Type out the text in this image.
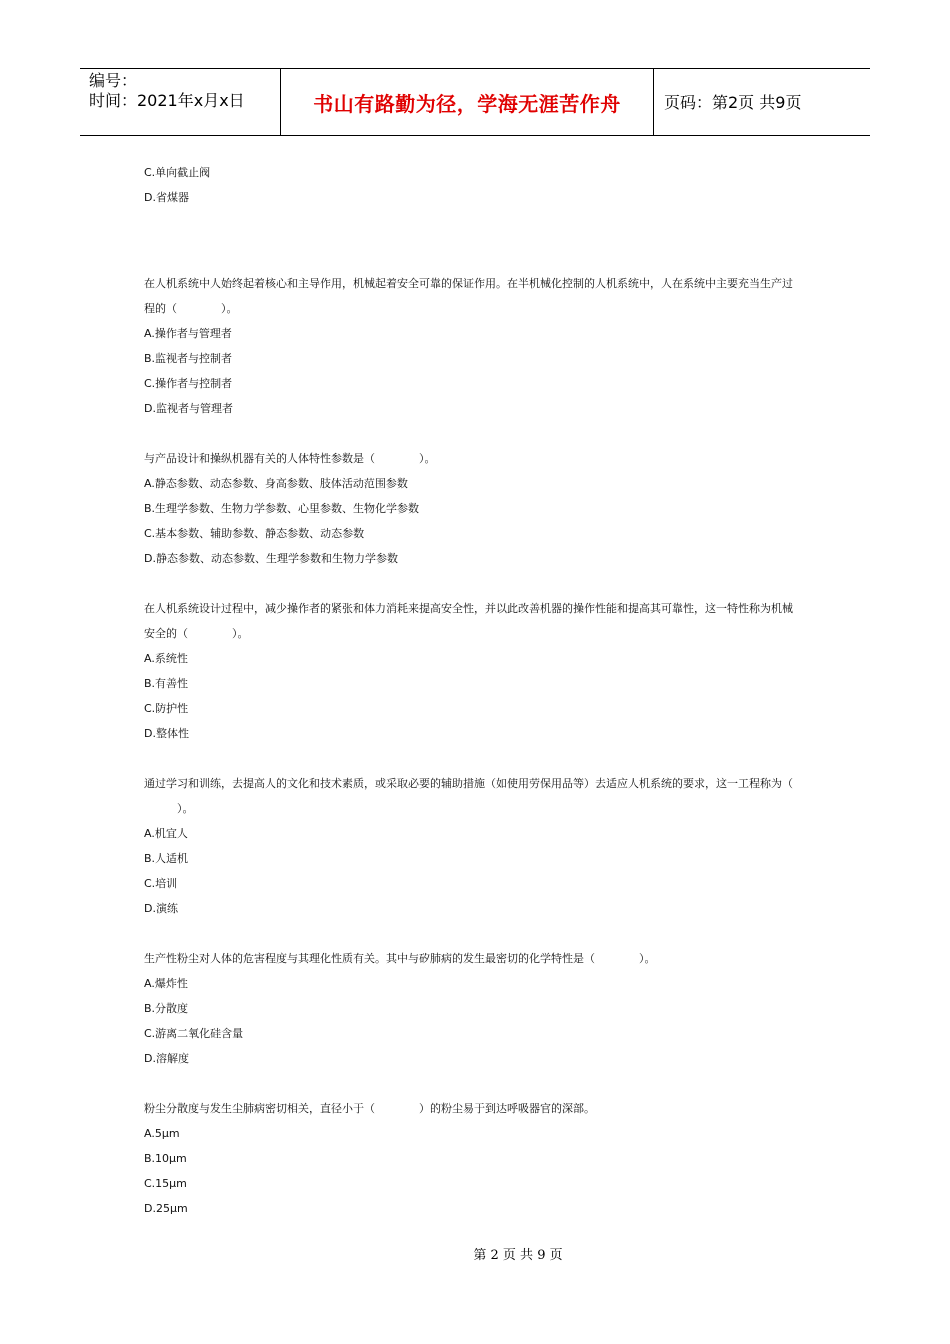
编号：
时间：2021年x月x日	书山有路勤为径，学海无涯苦作舟	页码：第2页 共9页
C.单向截止阀
D.省煤器
在人机系统中人始终起着核心和主导作用，机械起着安全可靠的保证作用。在半机械化控制的人机系统中，人在系统中主要充当生产过
程的（　　　　）。
A.操作者与管理者
B.监视者与控制者
C.操作者与控制者
D.监视者与管理者
与产品设计和操纵机器有关的人体特性参数是（　　　　）。
A.静态参数、动态参数、身高参数、肢体活动范围参数
B.生理学参数、生物力学参数、心里参数、生物化学参数
C.基本参数、辅助参数、静态参数、动态参数
D.静态参数、动态参数、生理学参数和生物力学参数
在人机系统设计过程中，减少操作者的紧张和体力消耗来提高安全性，并以此改善机器的操作性能和提高其可靠性，这一特性称为机械
安全的（　　　　）。
A.系统性
B.有善性
C.防护性
D.整体性
通过学习和训练，去提高人的文化和技术素质，或采取必要的辅助措施（如使用劳保用品等）去适应人机系统的要求，这一工程称为（
　　　）。
A.机宜人
B.人适机
C.培训
D.演练
生产性粉尘对人体的危害程度与其理化性质有关。其中与矽肺病的发生最密切的化学特性是（　　　　）。
A.爆炸性
B.分散度
C.游离二氧化硅含量
D.溶解度
粉尘分散度与发生尘肺病密切相关，直径小于（　　　　）的粉尘易于到达呼吸器官的深部。
A.5μm
B.10μm
C.15μm
D.25μm
第 2 页 共 9 页
